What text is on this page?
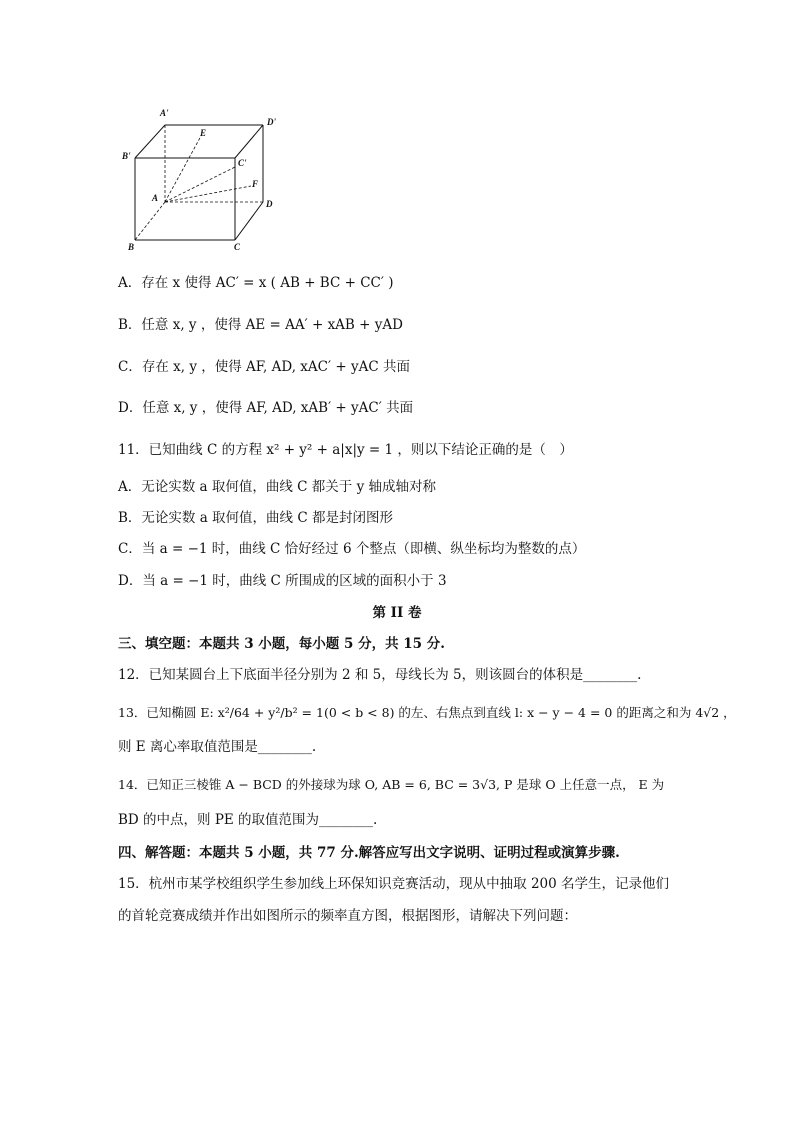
A'
E
D'
B'
C'
F
A
D
B	C
A．存在 x 使得 AC′ = x ( AB + BC + CC′ )
B．任意 x, y ，使得 AE = AA′ + xAB + yAD
C．存在 x, y ，使得 AF, AD, xAC′ + yAC 共面
D．任意 x, y ，使得 AF, AD, xAB′ + yAC′ 共面
11．已知曲线 C 的方程 x² + y² + a|x|y = 1 ，则以下结论正确的是（　）
A．无论实数 a 取何值，曲线 C 都关于 y 轴成轴对称
B．无论实数 a 取何值，曲线 C 都是封闭图形
C．当 a = −1 时，曲线 C 恰好经过 6 个整点（即横、纵坐标均为整数的点）
D．当 a = −1 时，曲线 C 所围成的区域的面积小于 3
第 II 卷
三、填空题：本题共 3 小题，每小题 5 分，共 15 分.
12．已知某圆台上下底面半径分别为 2 和 5，母线长为 5，则该圆台的体积是________.
13．已知椭圆 E: x²/64 + y²/b² = 1(0 < b < 8) 的左、右焦点到直线 l: x − y − 4 = 0 的距离之和为 4√2 ，
则 E 离心率取值范围是________.
14．已知正三棱锥 A − BCD 的外接球为球 O, AB = 6, BC = 3√3, P 是球 O 上任意一点， E 为
BD 的中点，则 PE 的取值范围为________.
四、解答题：本题共 5 小题，共 77 分.解答应写出文字说明、证明过程或演算步骤.
15．杭州市某学校组织学生参加线上环保知识竞赛活动，现从中抽取 200 名学生，记录他们
的首轮竞赛成绩并作出如图所示的频率直方图，根据图形，请解决下列问题：
